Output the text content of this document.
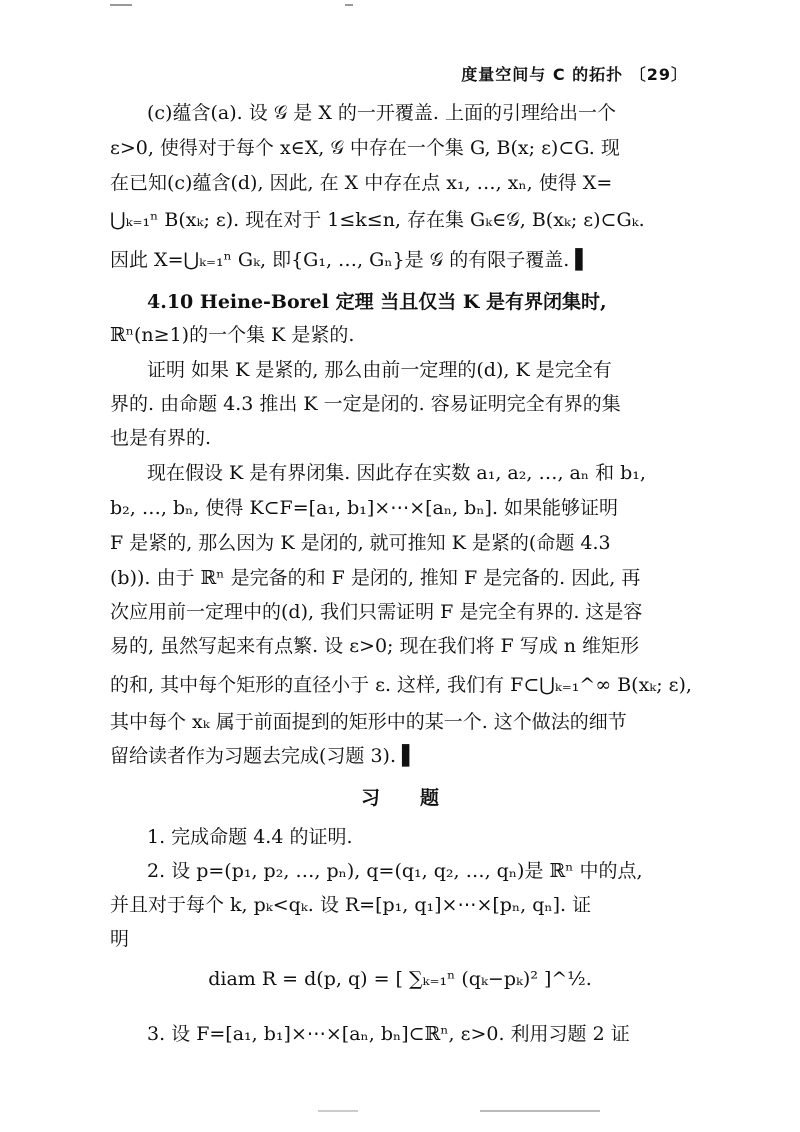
度量空间与 C 的拓扑 〔29〕
(c)蕴含(a). 设 𝒢 是 X 的一开覆盖. 上面的引理给出一个
ε>0, 使得对于每个 x∈X, 𝒢 中存在一个集 G, B(x; ε)⊂G. 现
在已知(c)蕴含(d), 因此, 在 X 中存在点 x₁, …, xₙ, 使得 X=
⋃ₖ₌₁ⁿ B(xₖ; ε). 现在对于 1≤k≤n, 存在集 Gₖ∈𝒢, B(xₖ; ε)⊂Gₖ.
因此 X=⋃ₖ₌₁ⁿ Gₖ, 即{G₁, …, Gₙ}是 𝒢 的有限子覆盖. ▌
4.10 Heine-Borel 定理 当且仅当 K 是有界闭集时,
ℝⁿ(n≥1)的一个集 K 是紧的.
证明 如果 K 是紧的, 那么由前一定理的(d), K 是完全有
界的. 由命题 4.3 推出 K 一定是闭的. 容易证明完全有界的集
也是有界的.
现在假设 K 是有界闭集. 因此存在实数 a₁, a₂, …, aₙ 和 b₁,
b₂, …, bₙ, 使得 K⊂F=[a₁, b₁]×⋯×[aₙ, bₙ]. 如果能够证明
F 是紧的, 那么因为 K 是闭的, 就可推知 K 是紧的(命题 4.3
(b)). 由于 ℝⁿ 是完备的和 F 是闭的, 推知 F 是完备的. 因此, 再
次应用前一定理中的(d), 我们只需证明 F 是完全有界的. 这是容
易的, 虽然写起来有点繁. 设 ε>0; 现在我们将 F 写成 n 维矩形
的和, 其中每个矩形的直径小于 ε. 这样, 我们有 F⊂⋃ₖ₌₁^∞ B(xₖ; ε),
其中每个 xₖ 属于前面提到的矩形中的某一个. 这个做法的细节
留给读者作为习题去完成(习题 3). ▌
习题
1. 完成命题 4.4 的证明.
2. 设 p=(p₁, p₂, …, pₙ), q=(q₁, q₂, …, qₙ)是 ℝⁿ 中的点,
并且对于每个 k, pₖ<qₖ. 设 R=[p₁, q₁]×⋯×[pₙ, qₙ]. 证
明
diam R = d(p, q) = [ ∑ₖ₌₁ⁿ (qₖ−pₖ)² ]^½.
3. 设 F=[a₁, b₁]×⋯×[aₙ, bₙ]⊂ℝⁿ, ε>0. 利用习题 2 证
